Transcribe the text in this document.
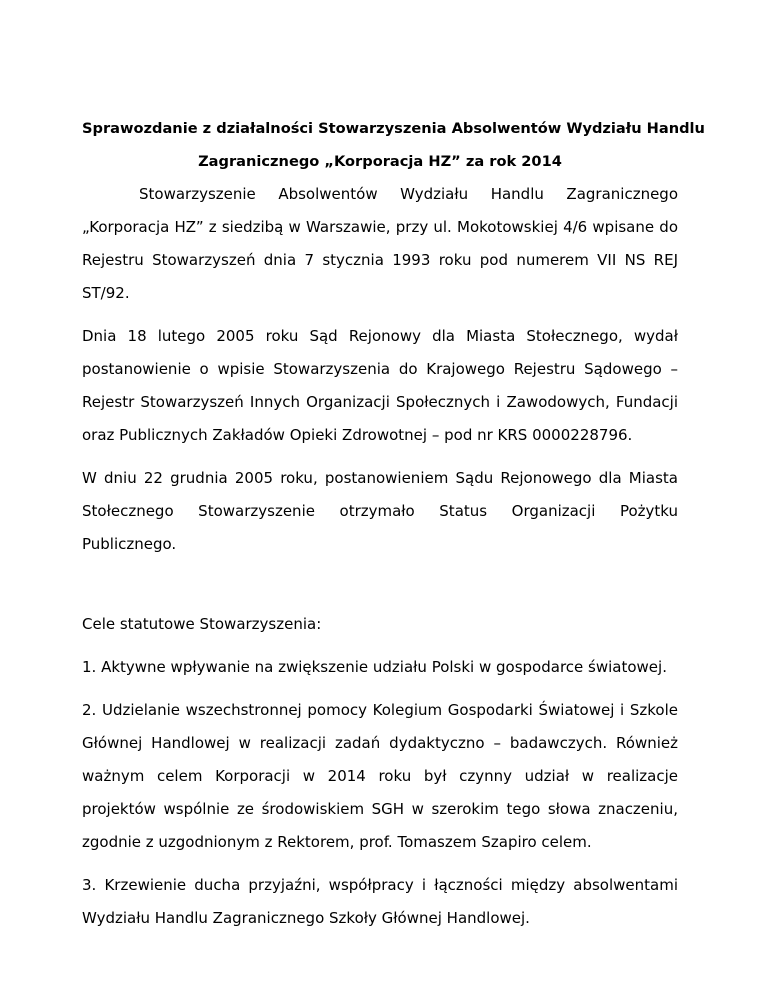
Sprawozdanie z działalności Stowarzyszenia Absolwentów Wydziału Handlu
Zagranicznego „Korporacja HZ” za rok 2014

Stowarzyszenie Absolwentów Wydziału Handlu Zagranicznego „Korporacja HZ” z siedzibą w Warszawie, przy ul. Mokotowskiej 4/6 wpisane do Rejestru Stowarzyszeń dnia 7 stycznia 1993 roku pod numerem VII NS REJ ST/92.

Dnia 18 lutego 2005 roku Sąd Rejonowy dla Miasta Stołecznego, wydał postanowienie o wpisie Stowarzyszenia do Krajowego Rejestru Sądowego – Rejestr Stowarzyszeń Innych Organizacji Społecznych i Zawodowych, Fundacji oraz Publicznych Zakładów Opieki Zdrowotnej – pod nr KRS 0000228796.

W dniu 22 grudnia 2005 roku, postanowieniem Sądu Rejonowego dla Miasta Stołecznego Stowarzyszenie otrzymało Status Organizacji Pożytku Publicznego.

Cele statutowe Stowarzyszenia:

1. Aktywne wpływanie na zwiększenie udziału Polski w gospodarce światowej.

2. Udzielanie wszechstronnej pomocy Kolegium Gospodarki Światowej i Szkole Głównej Handlowej w realizacji zadań dydaktyczno – badawczych. Również ważnym celem Korporacji w 2014 roku był czynny udział w realizacje projektów wspólnie ze środowiskiem SGH w szerokim tego słowa znaczeniu, zgodnie z uzgodnionym z Rektorem, prof. Tomaszem Szapiro celem.

3. Krzewienie ducha przyjaźni, współpracy i łączności między absolwentami Wydziału Handlu Zagranicznego Szkoły Głównej Handlowej.
